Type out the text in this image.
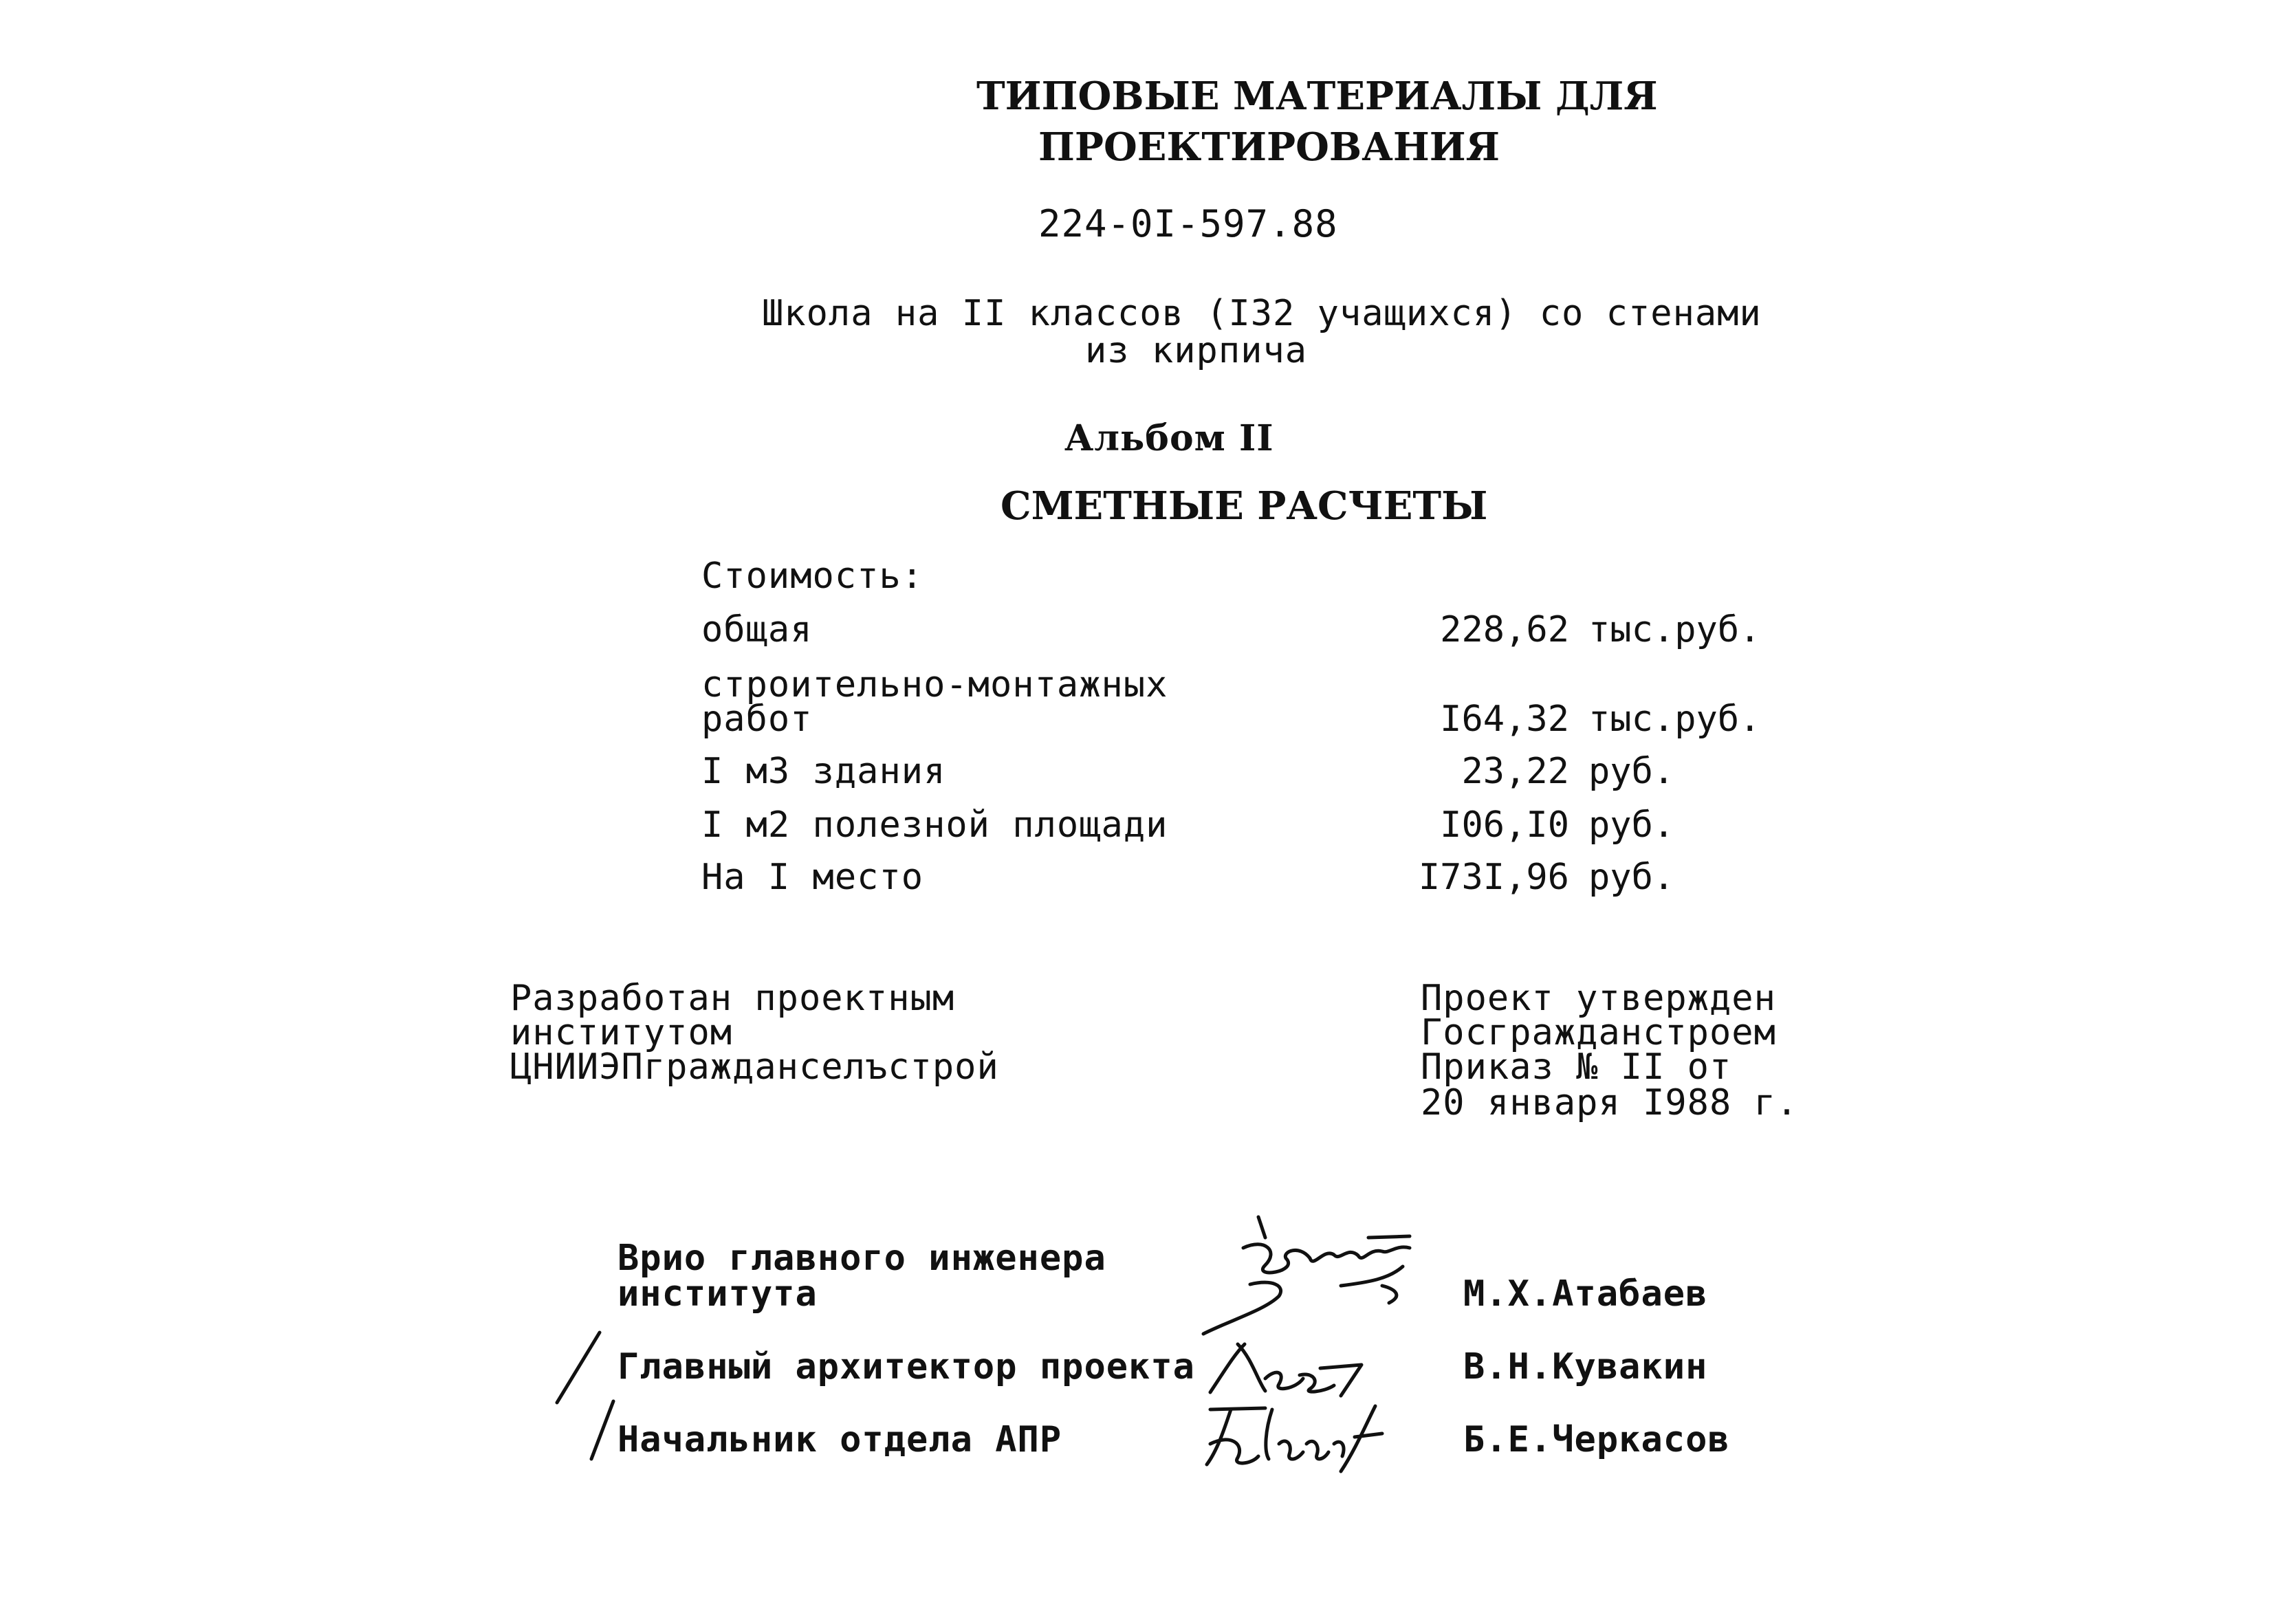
ТИПОВЫЕ МАТЕРИАЛЫ ДЛЯ
ПРОЕКТИРОВАНИЯ
224-0I-597.88
Школа на II классов (I32 учащихся) со стенами
из кирпича
Альбом II
СМЕТНЫЕ РАСЧЕТЫ
Стоимость:
общая	228,62 тыс.руб.
строительно-монтажных
работ	I64,32 тыс.руб.
I м3 здания	23,22 руб.
I м2 полезной площади	I06,I0 руб.
На I место	I73I,96 руб.
Разработан проектным
институтом
ЦНИИЭПгражданселъстрой
Проект утвержден
Госгражданстроем
Приказ № II от
20 января I988 г.
Врио главного инженера
института	М.Х.Атабаев
Главный архитектор проекта	В.Н.Кувакин
Начальник отдела АПР	Б.Е.Черкасов
